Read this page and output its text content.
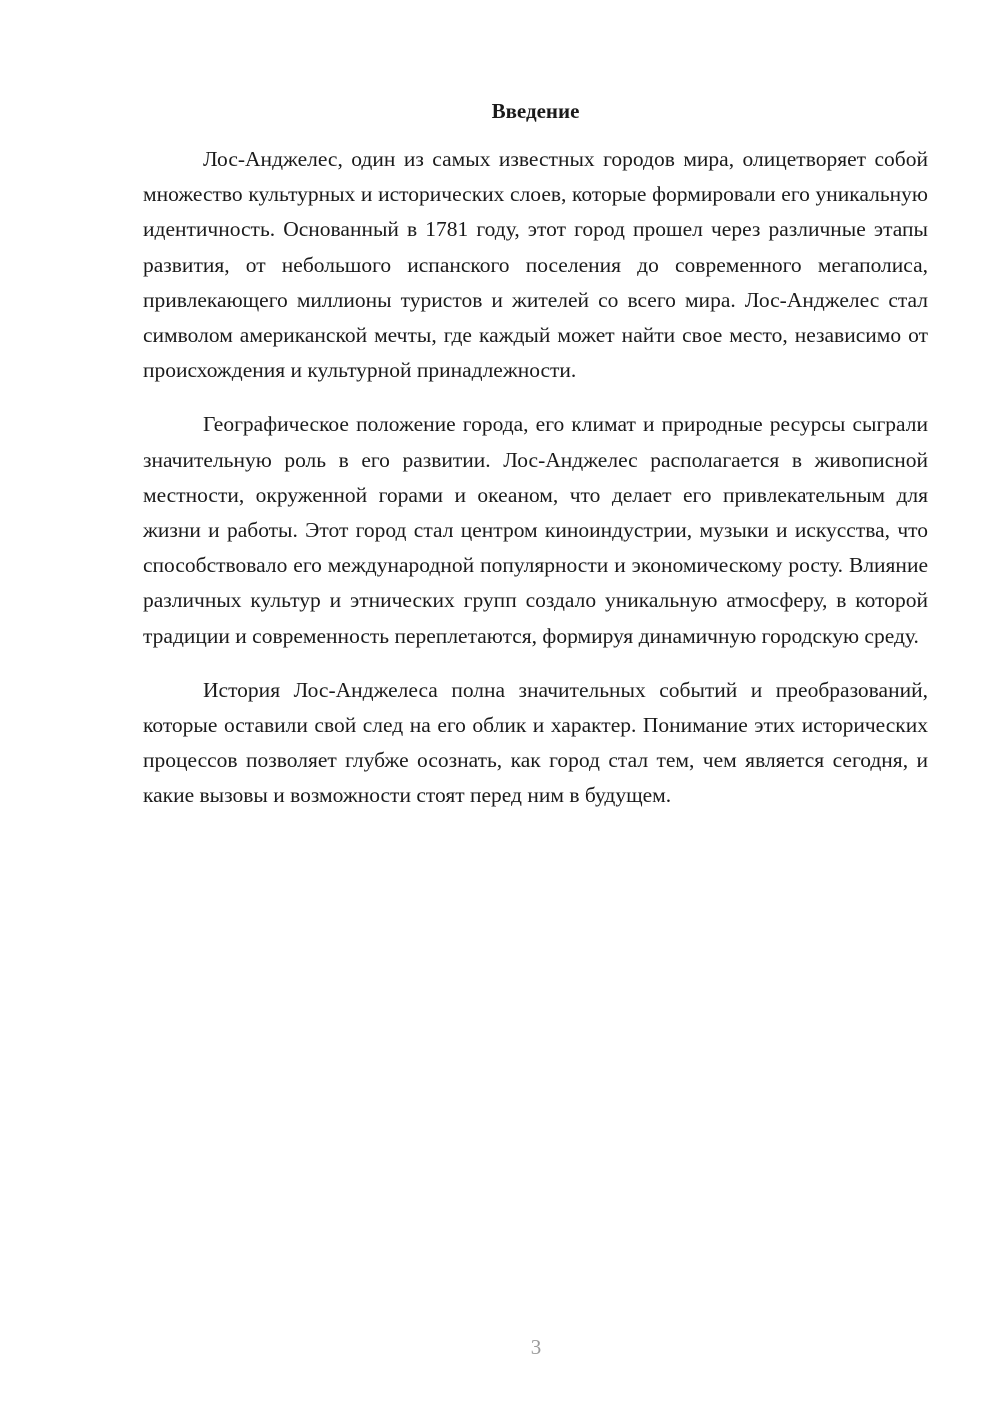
Введение

Лос-Анджелес, один из самых известных городов мира, олицетворяет собой множество культурных и исторических слоев, которые формировали его уникальную идентичность. Основанный в 1781 году, этот город прошел через различные этапы развития, от небольшого испанского поселения до современного мегаполиса, привлекающего миллионы туристов и жителей со всего мира. Лос-Анджелес стал символом американской мечты, где каждый может найти свое место, независимо от происхождения и культурной принадлежности.

Географическое положение города, его климат и природные ресурсы сыграли значительную роль в его развитии. Лос-Анджелес располагается в живописной местности, окруженной горами и океаном, что делает его привлекательным для жизни и работы. Этот город стал центром киноиндустрии, музыки и искусства, что способствовало его международной популярности и экономическому росту. Влияние различных культур и этнических групп создало уникальную атмосферу, в которой традиции и современность переплетаются, формируя динамичную городскую среду.

История Лос-Анджелеса полна значительных событий и преобразований, которые оставили свой след на его облик и характер. Понимание этих исторических процессов позволяет глубже осознать, как город стал тем, чем является сегодня, и какие вызовы и возможности стоят перед ним в будущем.

3
